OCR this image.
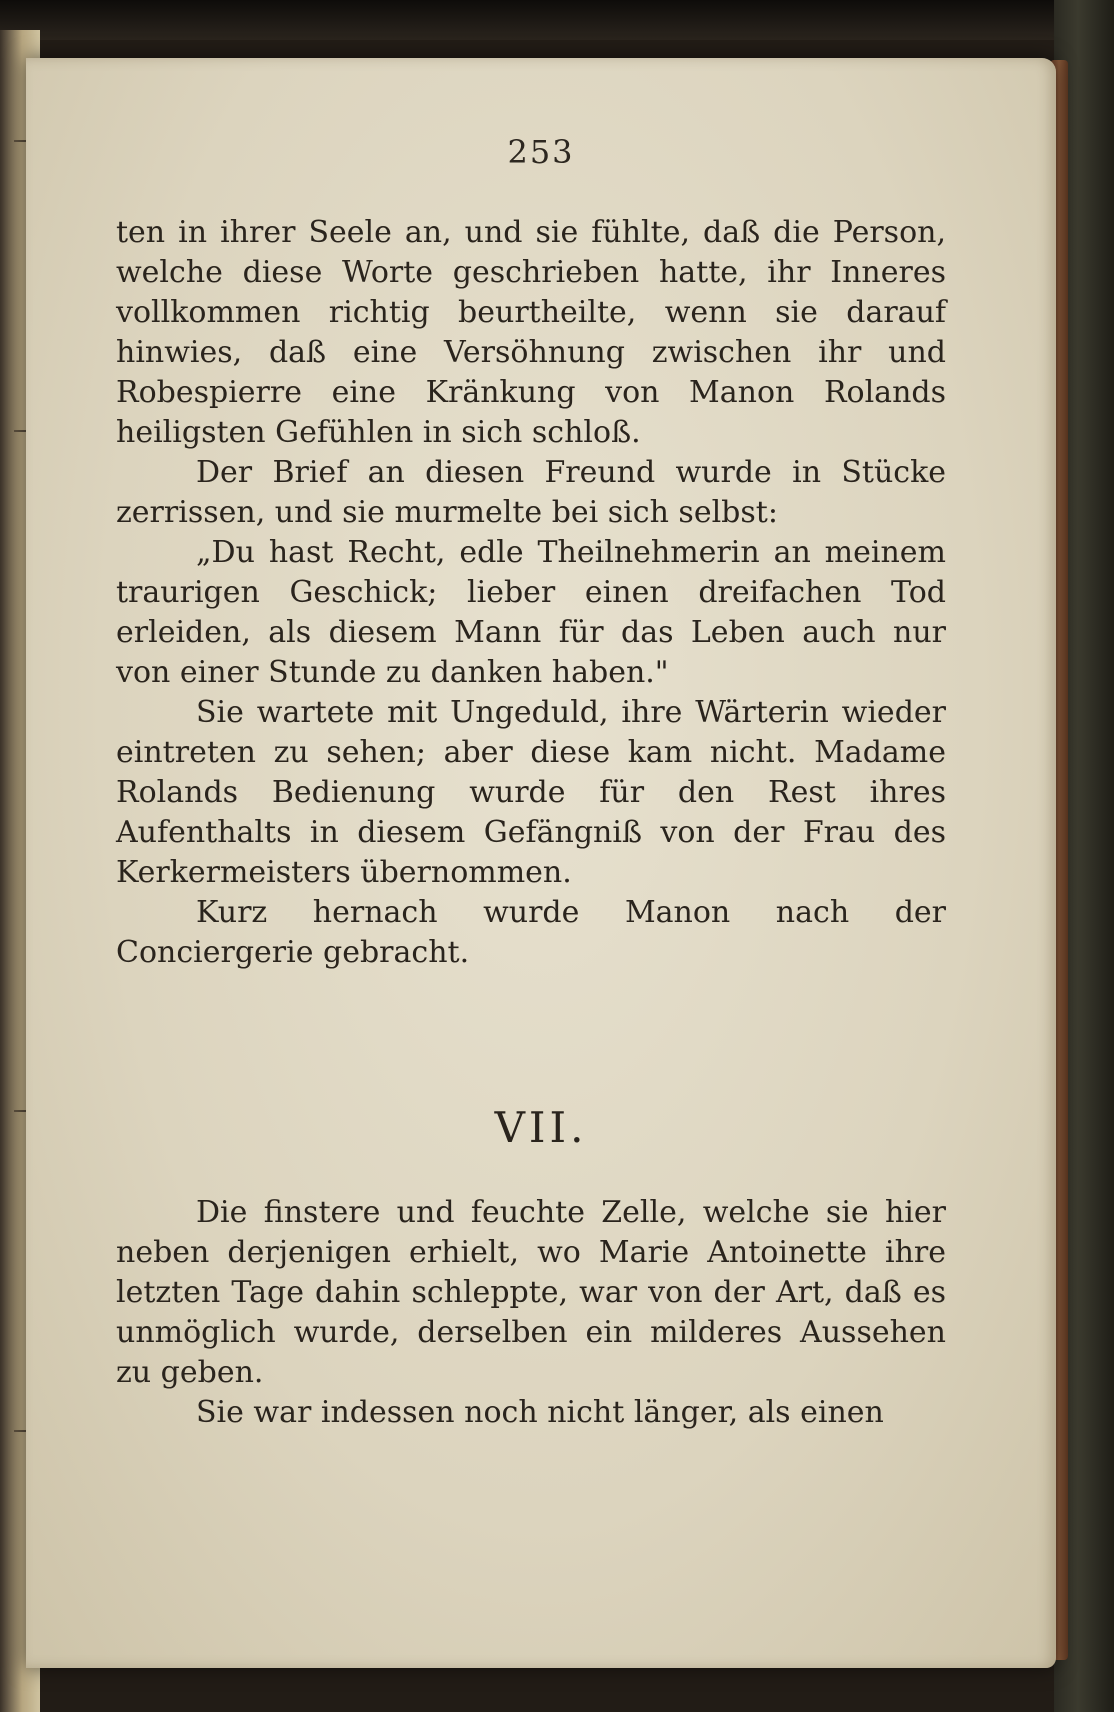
253

ten in ihrer Seele an, und sie fühlte, daß die Person, welche diese Worte geschrieben hatte, ihr Inneres vollkommen richtig beurtheilte, wenn sie darauf hinwies, daß eine Versöhnung zwischen ihr und Robespierre eine Kränkung von Manon Rolands heiligsten Gefühlen in sich schloß.

Der Brief an diesen Freund wurde in Stücke zerrissen, und sie murmelte bei sich selbst:

„Du hast Recht, edle Theilnehmerin an meinem traurigen Geschick; lieber einen dreifachen Tod erleiden, als diesem Mann für das Leben auch nur von einer Stunde zu danken haben."

Sie wartete mit Ungeduld, ihre Wärterin wieder eintreten zu sehen; aber diese kam nicht. Madame Rolands Bedienung wurde für den Rest ihres Aufenthalts in diesem Gefängniß von der Frau des Kerkermeisters übernommen.

Kurz hernach wurde Manon nach der Conciergerie gebracht.

VII.

Die finstere und feuchte Zelle, welche sie hier neben derjenigen erhielt, wo Marie Antoinette ihre letzten Tage dahin schleppte, war von der Art, daß es unmöglich wurde, derselben ein milderes Aussehen zu geben.

Sie war indessen noch nicht länger, als einen
